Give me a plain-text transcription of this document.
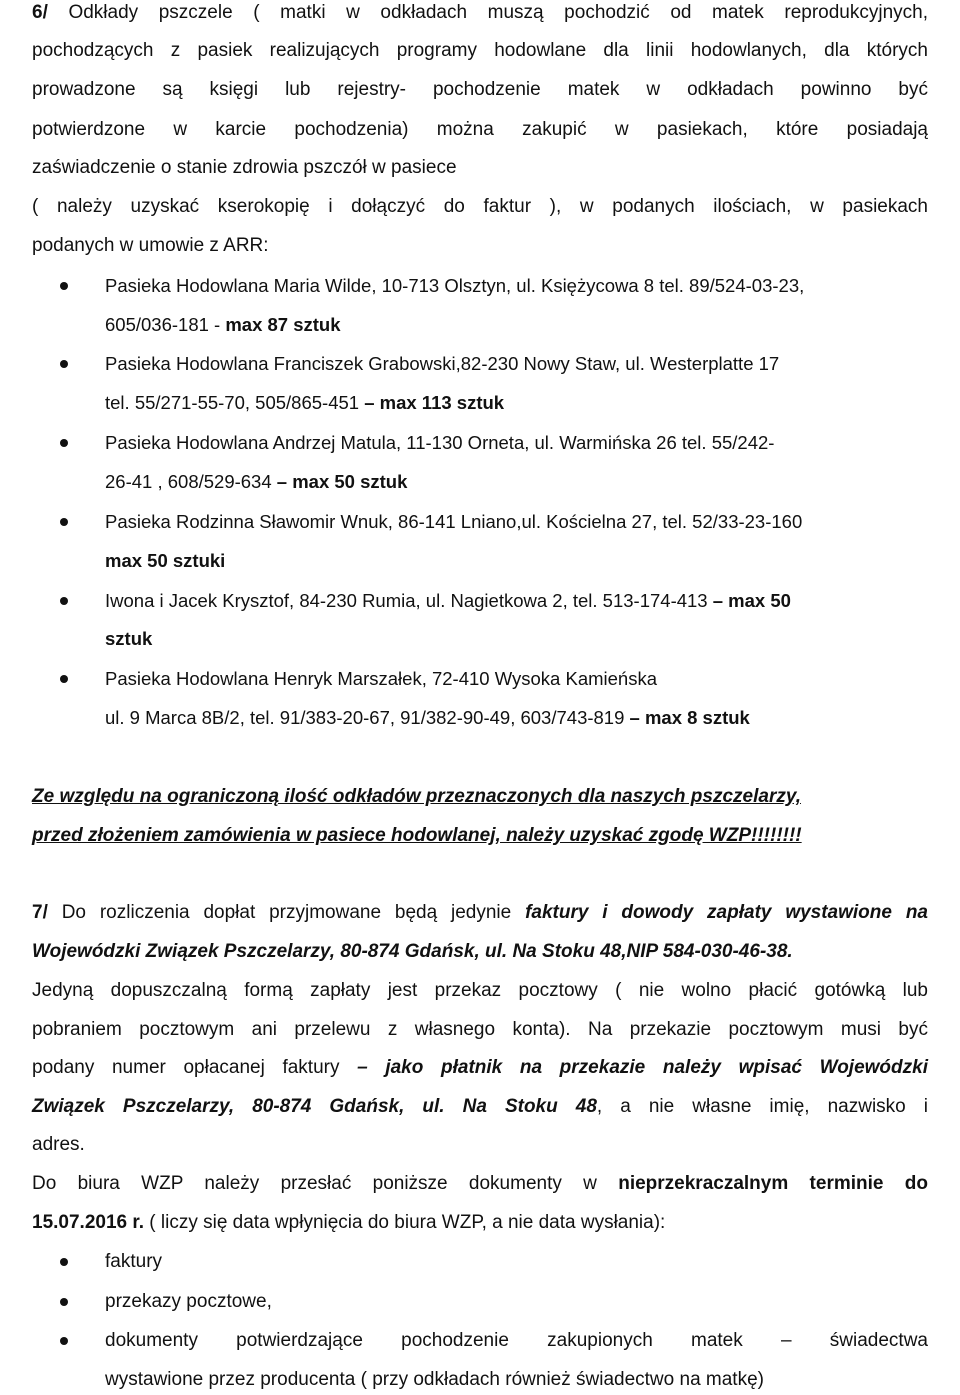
6/ Odkłady pszczele ( matki w odkładach muszą pochodzić od matek reprodukcyjnych,
pochodzących z pasiek realizujących programy hodowlane dla linii hodowlanych, dla których
prowadzone są księgi lub rejestry- pochodzenie matek w odkładach powinno być
potwierdzone w karcie pochodzenia) można zakupić w pasiekach, które posiadają
zaświadczenie o stanie zdrowia pszczół w pasiece
( należy uzyskać kserokopię i dołączyć do faktur ), w podanych ilościach, w pasiekach
podanych w umowie z ARR:
Pasieka Hodowlana Maria Wilde, 10-713 Olsztyn, ul. Księżycowa 8 tel. 89/524-03-23,
605/036-181 - max 87 sztuk
Pasieka Hodowlana Franciszek Grabowski,82-230 Nowy Staw, ul. Westerplatte 17
tel. 55/271-55-70, 505/865-451 – max 113 sztuk
Pasieka Hodowlana Andrzej Matula, 11-130 Orneta, ul. Warmińska 26 tel. 55/242-
26-41 , 608/529-634 – max 50 sztuk
Pasieka Rodzinna Sławomir Wnuk, 86-141 Lniano,ul. Kościelna 27, tel. 52/33-23-160
max 50 sztuki
Iwona i Jacek Krysztof, 84-230 Rumia, ul. Nagietkowa 2, tel. 513-174-413 – max 50
sztuk
Pasieka Hodowlana Henryk Marszałek, 72-410 Wysoka Kamieńska
ul. 9 Marca 8B/2, tel. 91/383-20-67, 91/382-90-49, 603/743-819 – max 8 sztuk
Ze względu na ograniczoną ilość odkładów przeznaczonych dla naszych pszczelarzy,
przed złożeniem zamówienia w pasiece hodowlanej, należy uzyskać zgodę WZP!!!!!!!!
7/ Do rozliczenia dopłat przyjmowane będą jedynie faktury i dowody zapłaty wystawione na
Wojewódzki Związek Pszczelarzy, 80-874 Gdańsk, ul. Na Stoku 48,NIP 584-030-46-38.
Jedyną dopuszczalną formą zapłaty jest przekaz pocztowy ( nie wolno płacić gotówką lub
pobraniem pocztowym ani przelewu z własnego konta). Na przekazie pocztowym musi być
podany numer opłacanej faktury – jako płatnik na przekazie należy wpisać Wojewódzki
Związek Pszczelarzy, 80-874 Gdańsk, ul. Na Stoku 48, a nie własne imię, nazwisko i
adres.
Do biura WZP należy przesłać poniższe dokumenty w nieprzekraczalnym terminie do
15.07.2016 r. ( liczy się data wpłynięcia do biura WZP, a nie data wysłania):
faktury
przekazy pocztowe,
dokumenty potwierdzające pochodzenie zakupionych matek – świadectwa
wystawione przez producenta ( przy odkładach również świadectwo na matkę)
